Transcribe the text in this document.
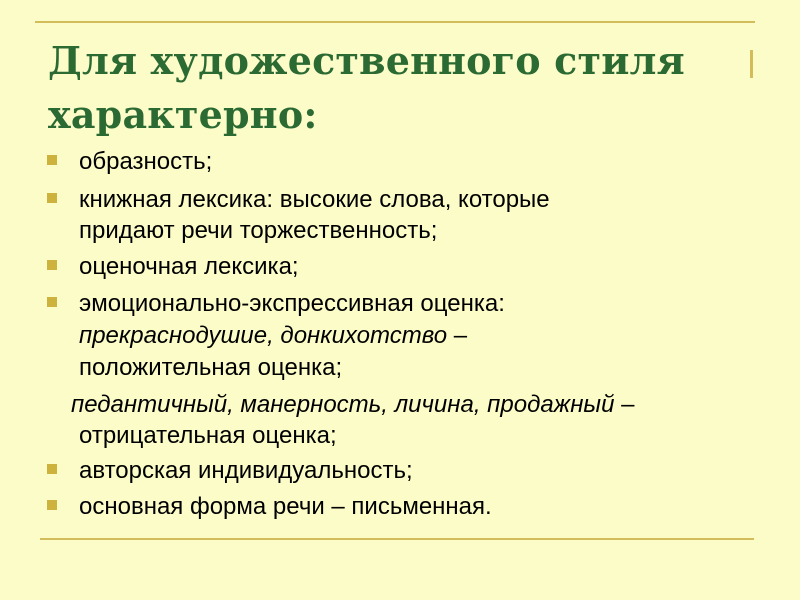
Для художественного стиля
характерно:
образность;
книжная лексика: высокие слова, которые
придают речи торжественность;
оценочная лексика;
эмоционально-экспрессивная оценка:
прекраснодушие, донкихотство –
положительная оценка;
педантичный, манерность, личина, продажный –
отрицательная оценка;
авторская индивидуальность;
основная форма речи – письменная.
